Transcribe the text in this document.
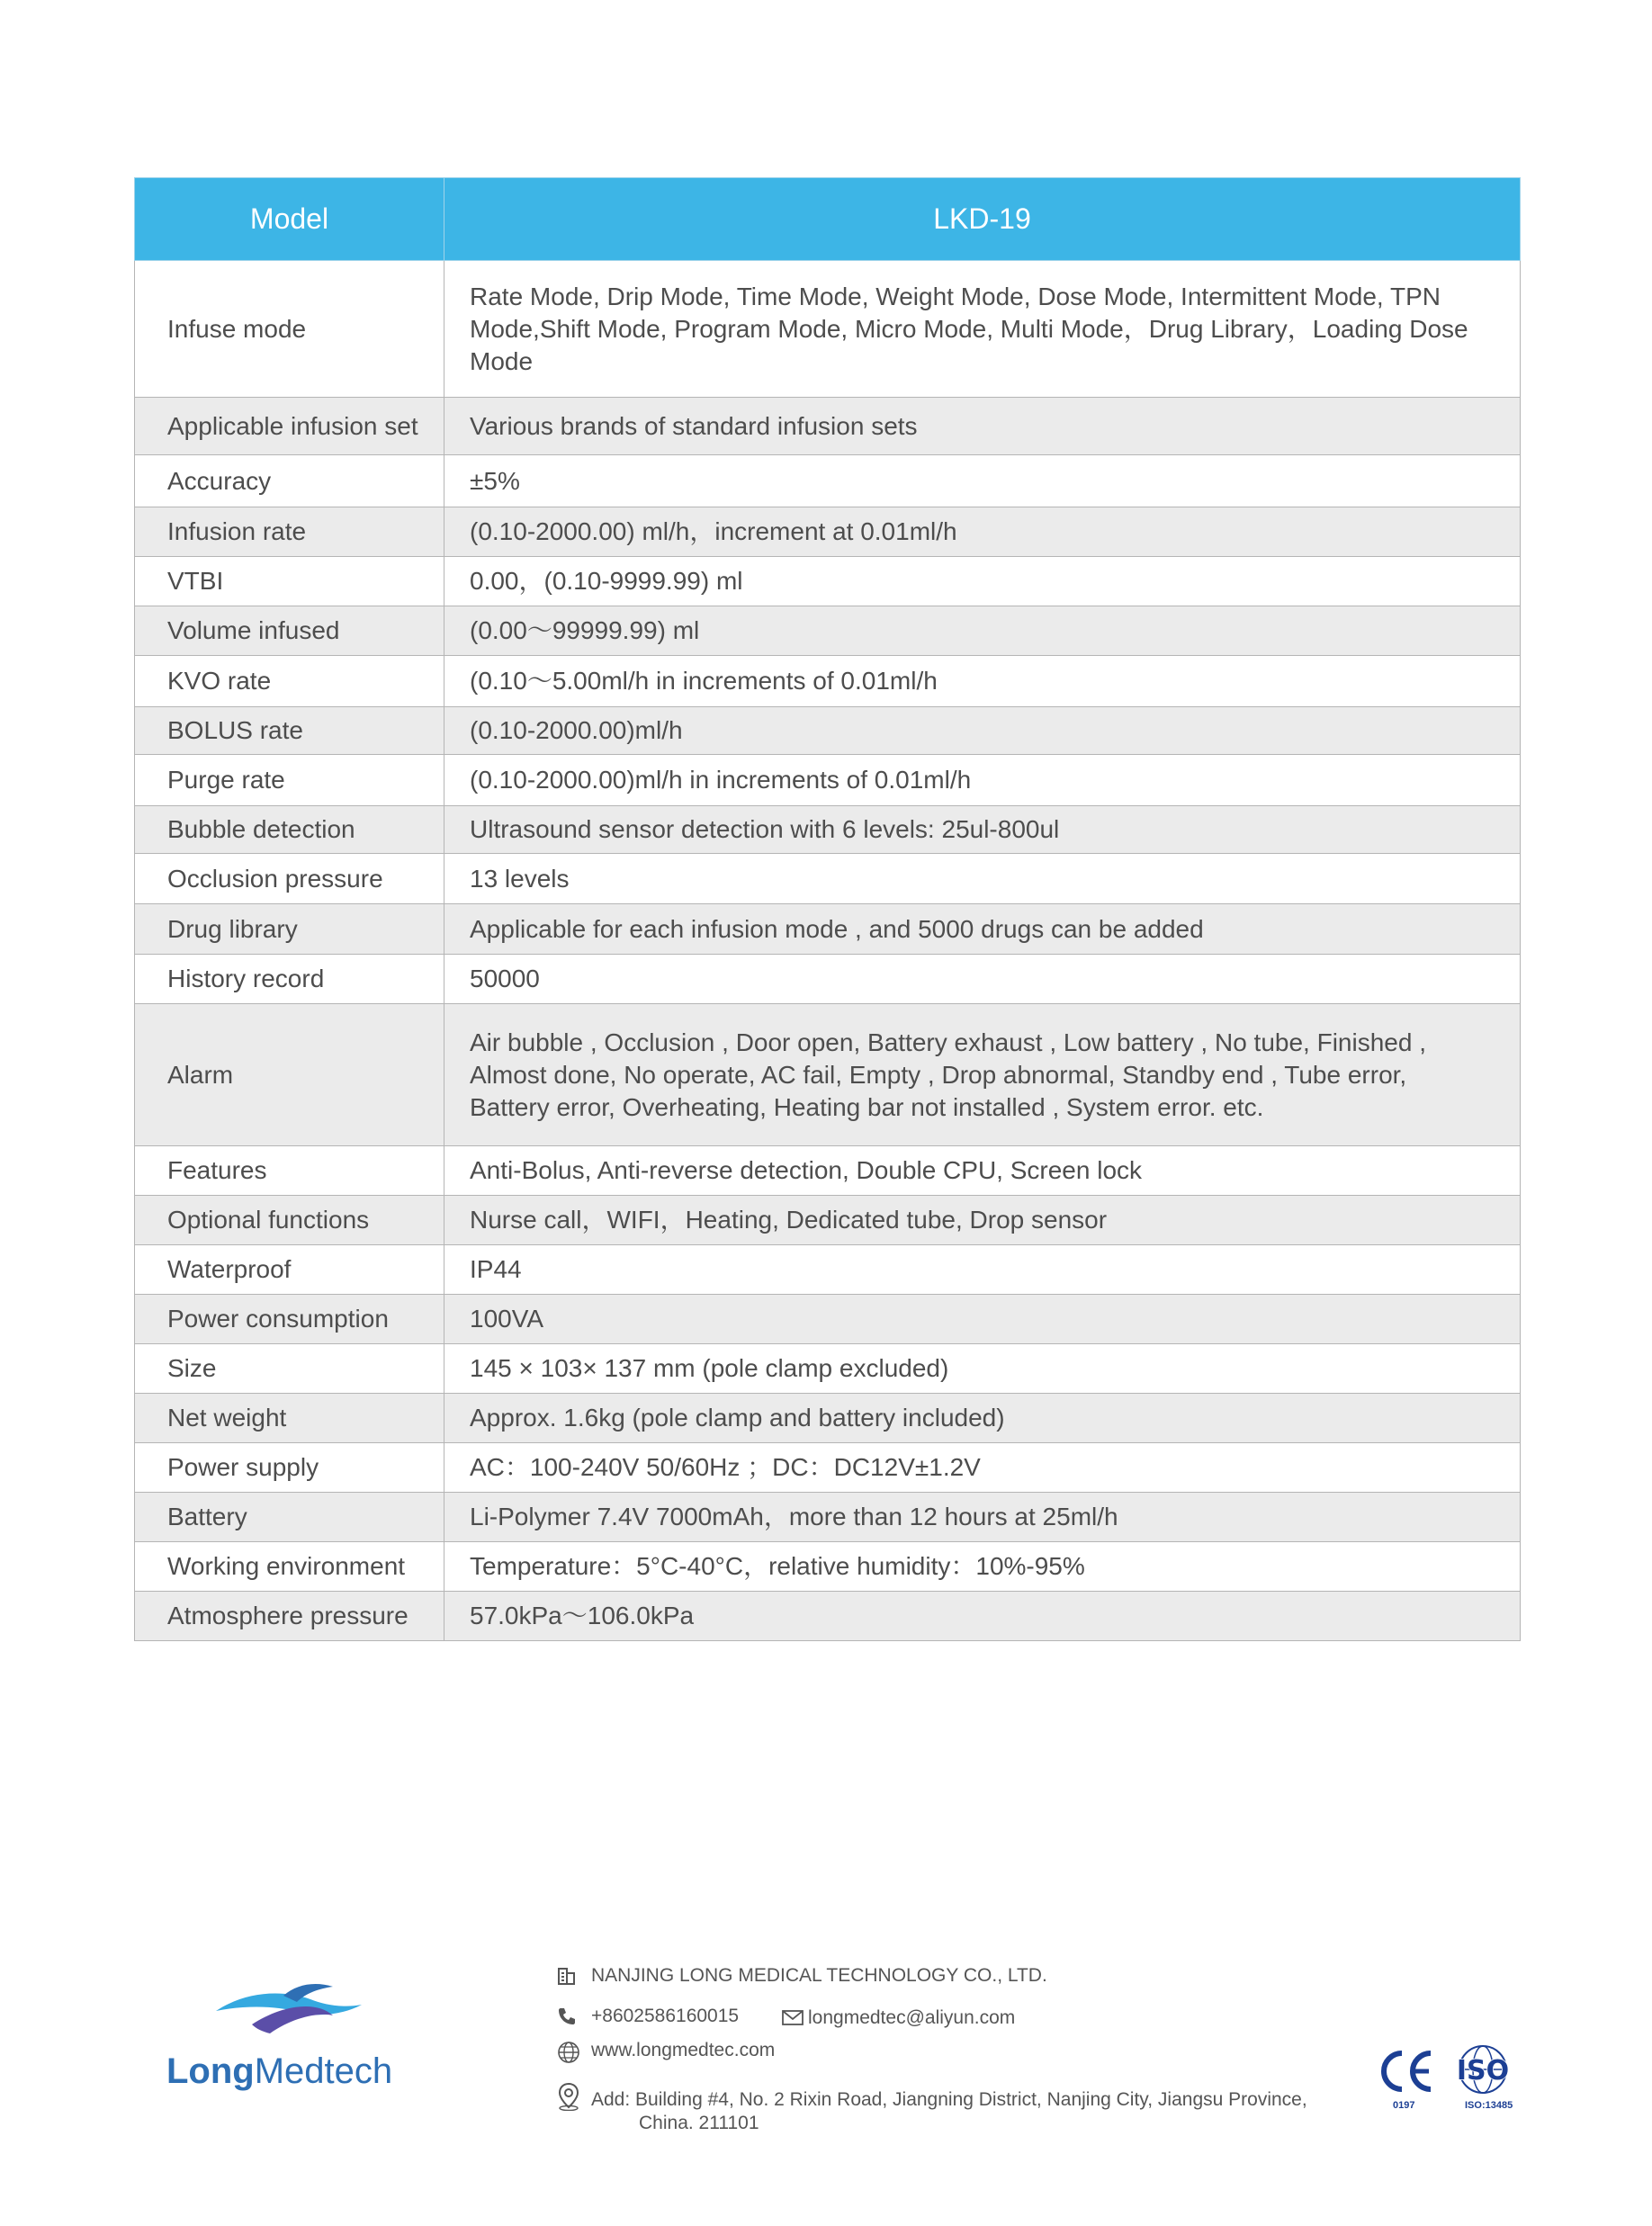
Model	LKD-19
Infuse mode	Rate Mode, Drip Mode, Time Mode, Weight Mode, Dose Mode, Intermittent Mode, TPN Mode,Shift Mode, Program Mode, Micro Mode, Multi Mode，Drug Library，Loading Dose Mode
Applicable infusion set	Various brands of standard infusion sets
Accuracy	±5%
Infusion rate	(0.10-2000.00) ml/h，increment at 0.01ml/h
VTBI	0.00，(0.10-9999.99) ml
Volume infused	(0.00～99999.99) ml
KVO rate	(0.10～5.00ml/h in increments of 0.01ml/h
BOLUS rate	(0.10-2000.00)ml/h
Purge rate	(0.10-2000.00)ml/h in increments of 0.01ml/h
Bubble detection	Ultrasound sensor detection with 6 levels: 25ul-800ul
Occlusion pressure	13 levels
Drug library	Applicable for each infusion mode , and 5000 drugs can be added
History record	50000
Alarm	Air bubble , Occlusion , Door open, Battery exhaust , Low battery , No tube, Finished , Almost done, No operate, AC fail, Empty , Drop abnormal, Standby end , Tube error, Battery error, Overheating, Heating bar not installed , System error. etc.
Features	Anti-Bolus, Anti-reverse detection, Double CPU, Screen lock
Optional functions	Nurse call，WIFI，Heating, Dedicated tube, Drop sensor
Waterproof	IP44
Power consumption	100VA
Size	145 × 103× 137 mm (pole clamp excluded)
Net weight	Approx. 1.6kg (pole clamp and battery included)
Power supply	AC：100-240V 50/60Hz ；DC：DC12V±1.2V
Battery	Li-Polymer 7.4V 7000mAh，more than 12 hours at 25ml/h
Working environment	Temperature：5°C-40°C，relative humidity：10%-95%
Atmosphere pressure	57.0kPa～106.0kPa
LongMedtech
NANJING LONG MEDICAL TECHNOLOGY CO., LTD.
+8602586160015	longmedtec@aliyun.com
www.longmedtec.com
Add: Building #4, No. 2 Rixin Road, Jiangning District, Nanjing City, Jiangsu Province,
China. 211101
0197
ISO
ISO:13485
